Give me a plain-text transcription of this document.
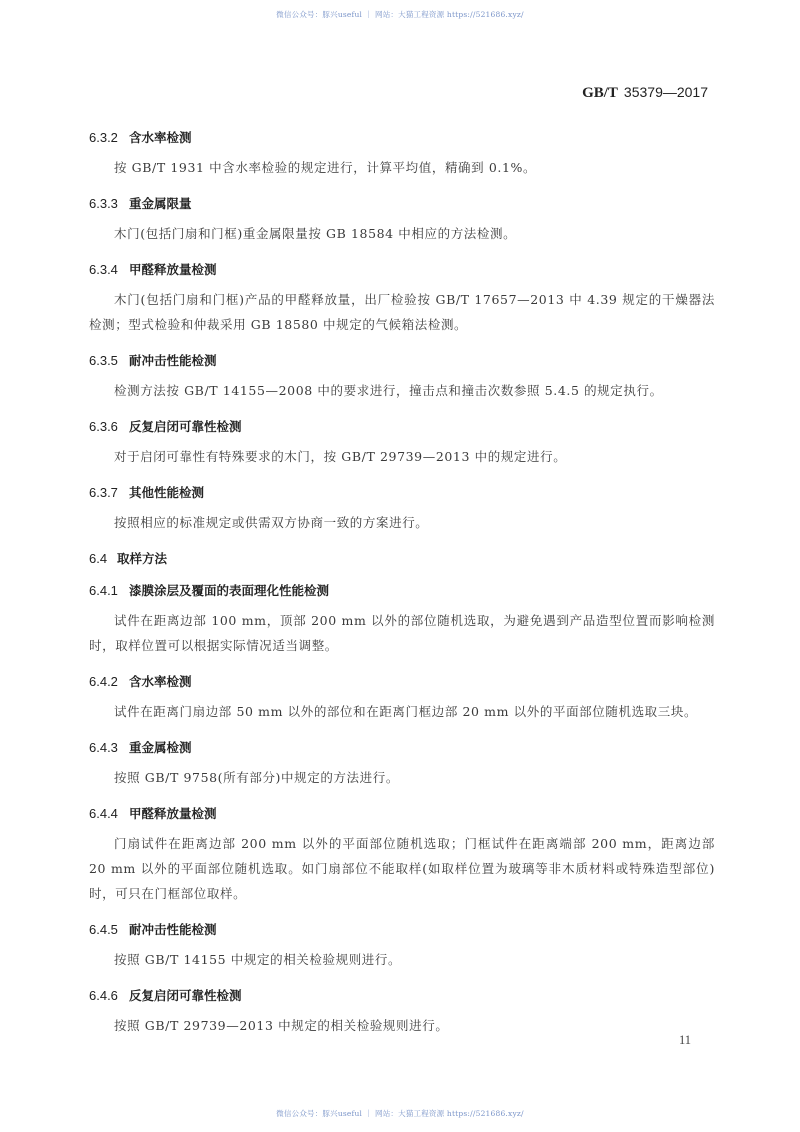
微信公众号：豚兴useful ｜ 网站：大猫工程资源 https://521686.xyz/
GB/T 35379—2017
6.3.2 含水率检测

按 GB/T 1931 中含水率检验的规定进行，计算平均值，精确到 0.1%。

6.3.3 重金属限量

木门(包括门扇和门框)重金属限量按 GB 18584 中相应的方法检测。

6.3.4 甲醛释放量检测

木门(包括门扇和门框)产品的甲醛释放量，出厂检验按 GB/T 17657—2013 中 4.39 规定的干燥器法检测；型式检验和仲裁采用 GB 18580 中规定的气候箱法检测。

6.3.5 耐冲击性能检测

检测方法按 GB/T 14155—2008 中的要求进行，撞击点和撞击次数参照 5.4.5 的规定执行。

6.3.6 反复启闭可靠性检测

对于启闭可靠性有特殊要求的木门，按 GB/T 29739—2013 中的规定进行。

6.3.7 其他性能检测

按照相应的标准规定或供需双方协商一致的方案进行。

6.4 取样方法
6.4.1 漆膜涂层及覆面的表面理化性能检测

试件在距离边部 100 mm，顶部 200 mm 以外的部位随机选取，为避免遇到产品造型位置而影响检测时，取样位置可以根据实际情况适当调整。

6.4.2 含水率检测

试件在距离门扇边部 50 mm 以外的部位和在距离门框边部 20 mm 以外的平面部位随机选取三块。

6.4.3 重金属检测

按照 GB/T 9758(所有部分)中规定的方法进行。

6.4.4 甲醛释放量检测

门扇试件在距离边部 200 mm 以外的平面部位随机选取；门框试件在距离端部 200 mm，距离边部 20 mm 以外的平面部位随机选取。如门扇部位不能取样(如取样位置为玻璃等非木质材料或特殊造型部位)时，可只在门框部位取样。

6.4.5 耐冲击性能检测

按照 GB/T 14155 中规定的相关检验规则进行。

6.4.6 反复启闭可靠性检测

按照 GB/T 29739—2013 中规定的相关检验规则进行。

11
微信公众号：豚兴useful ｜ 网站：大猫工程资源 https://521686.xyz/
